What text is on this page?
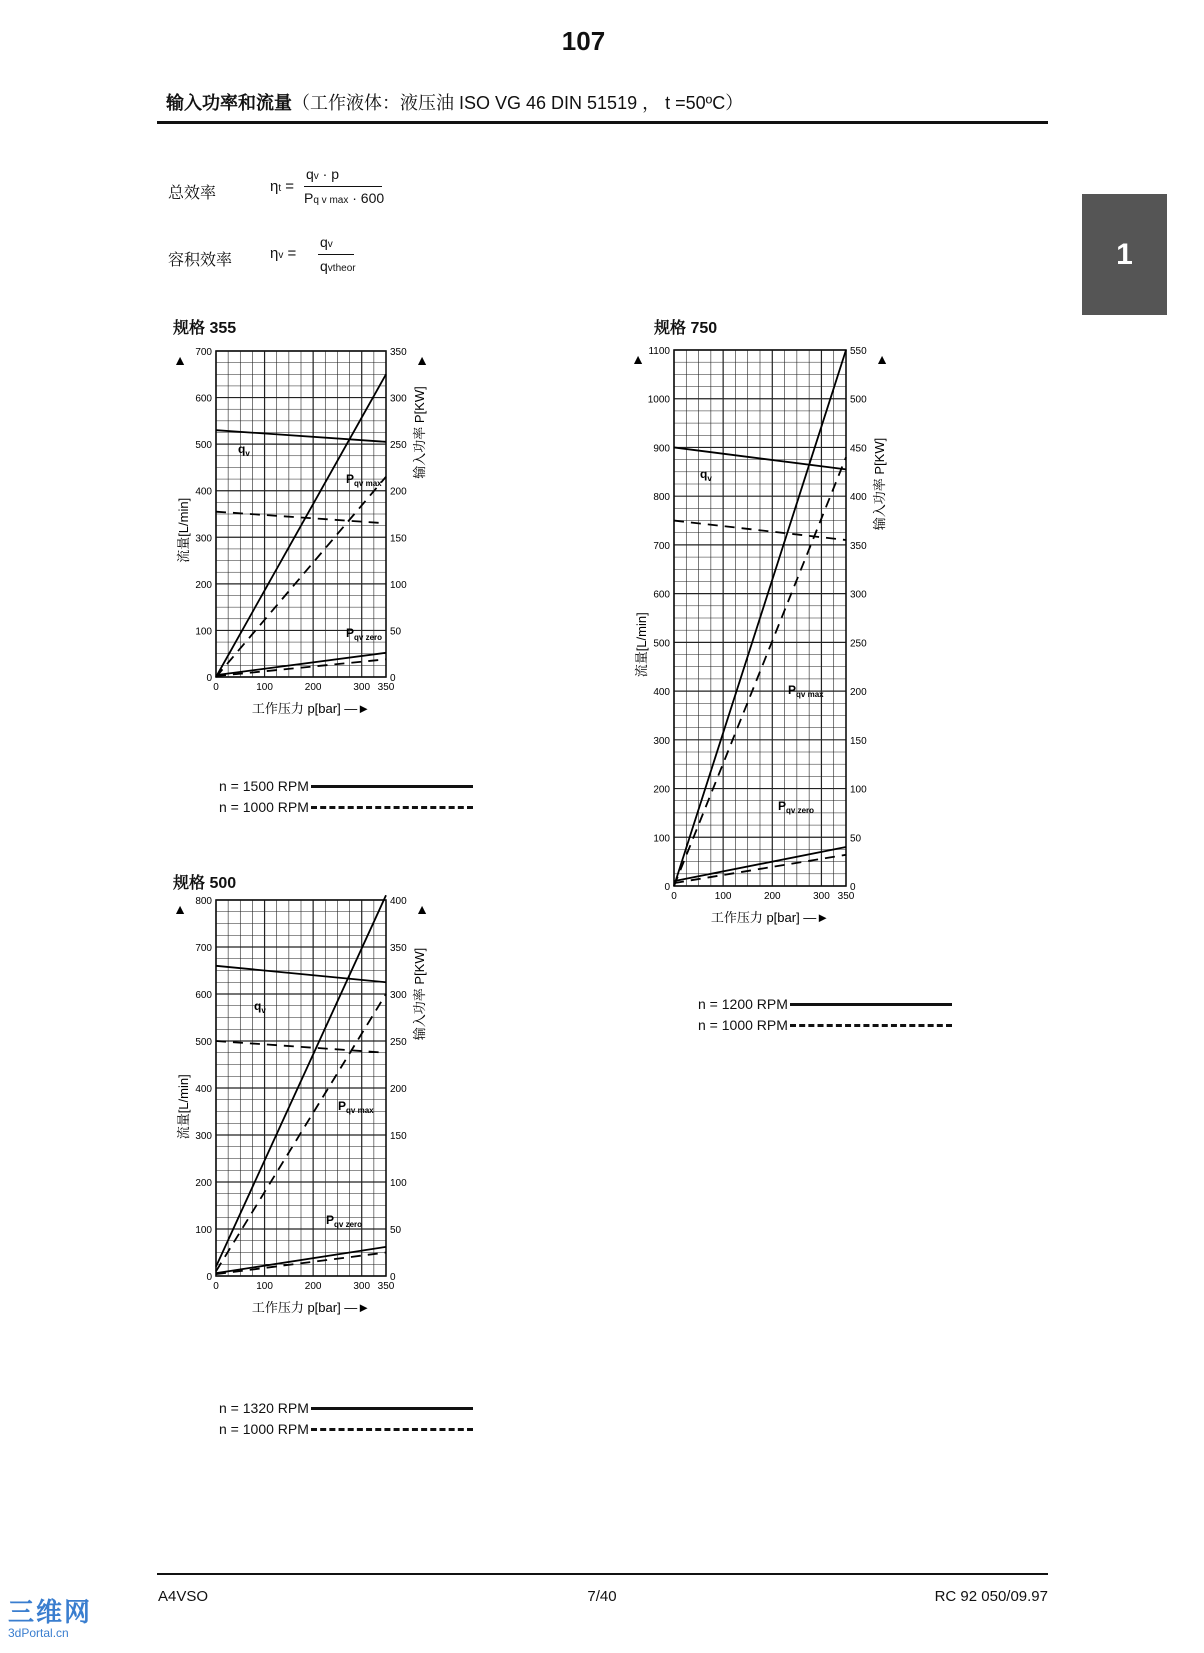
107
输入功率和流量（工作液体：液压油 ISO VG 46 DIN 51519 ， t =50ºC）
1
总效率	ηt =
qv · p
Pq v max · 600
容积效率	ηv =
qv
qvtheor
规格 355	规格 750
规格 500
0	100	200	300 350
0
100
200
300
400
500
600
700
0
50
100
150
200
250
300
350
工作压力 p[bar] —►
流量[L/min]
输入功率 P[KW]
▲	▲
$q_v$
$P_{qv max}$
$P_{qv zero}$
0	100	200	300 350
0
100
200
300
400
500
600
700
800
900
1000
1100
0
50
100
150
200
250
300
350
400
450
500
550
工作压力 p[bar] —►
流量[L/min]
输入功率 P[KW]
▲	▲
$q_v$
$P_{qv max}$
$P_{qv zero}$
0	100	200	300 350
0
100
200
300
400
500
600
700
800
0
50
100
150
200
250
300
350
400
工作压力 p[bar] —►
流量[L/min]
输入功率 P[KW]
▲	▲
$q_v$
$P_{qv max}$
$P_{qv zero}$
n = 1500 RPM
n = 1000 RPM
n = 1200 RPM
n = 1000 RPM
n = 1320 RPM
n = 1000 RPM
A4VSO	7/40	RC 92 050/09.97
三维网
3dPortal.cn
